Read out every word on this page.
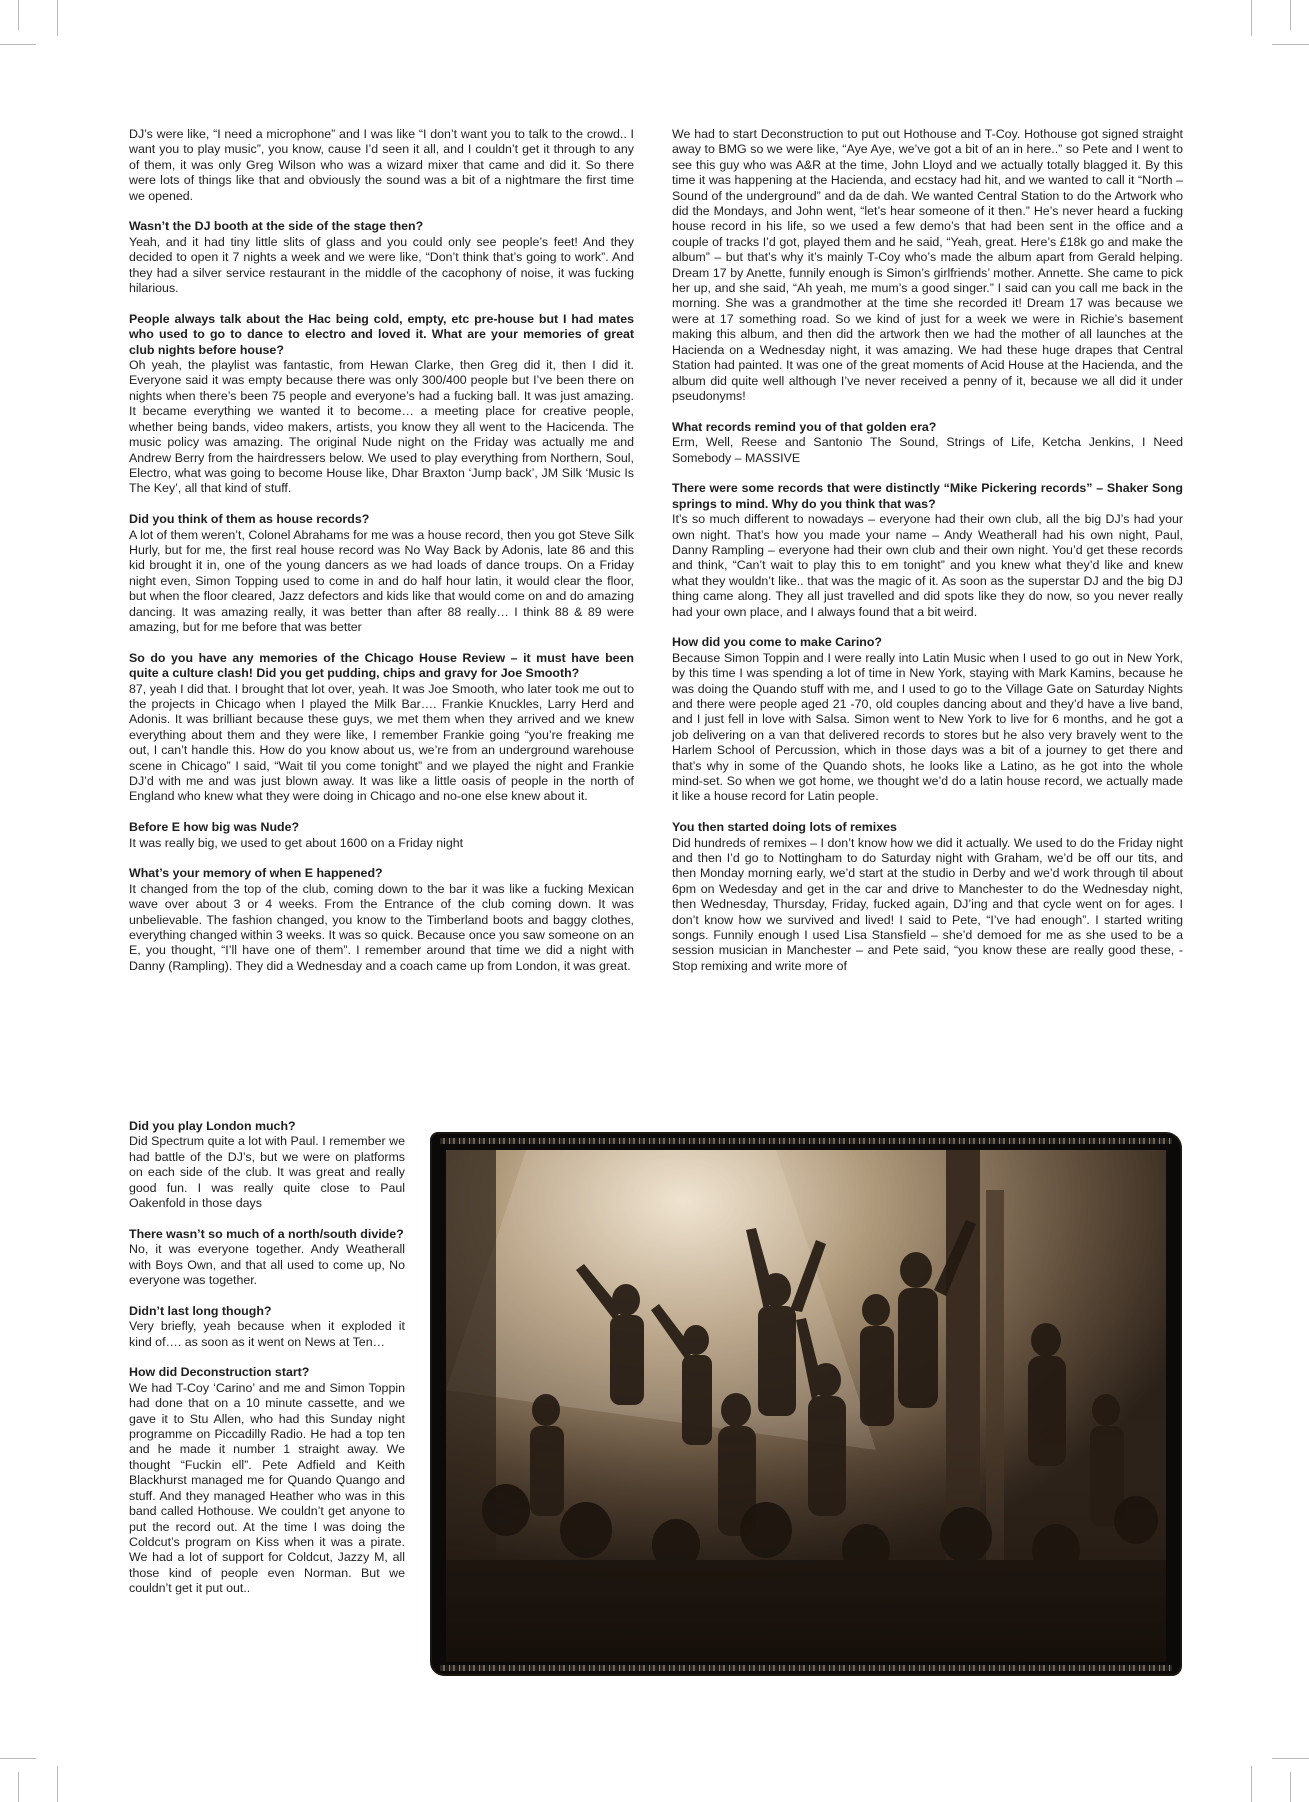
DJ’s were like, “I need a microphone” and I was like “I don’t want you to talk to the crowd.. I want you to play music”, you know, cause I’d seen it all, and I couldn’t get it through to any of them, it was only Greg Wilson who was a wizard mixer that came and did it. So there were lots of things like that and obviously the sound was a bit of a nightmare the first time we opened.

Wasn’t the DJ booth at the side of the stage then?

Yeah, and it had tiny little slits of glass and you could only see people’s feet! And they decided to open it 7 nights a week and we were like, “Don’t think that’s going to work”. And they had a silver service restaurant in the middle of the cacophony of noise, it was fucking hilarious.

People always talk about the Hac being cold, empty, etc pre-house but I had mates who used to go to dance to electro and loved it. What are your memories of great club nights before house?

Oh yeah, the playlist was fantastic, from Hewan Clarke, then Greg did it, then I did it. Everyone said it was empty because there was only 300/400 people but I’ve been there on nights when there’s been 75 people and everyone’s had a fucking ball. It was just amazing. It became everything we wanted it to become… a meeting place for creative people, whether being bands, video makers, artists, you know they all went to the Hacicenda. The music policy was amazing. The original Nude night on the Friday was actually me and Andrew Berry from the hairdressers below. We used to play everything from Northern, Soul, Electro, what was going to become House like, Dhar Braxton ‘Jump back’, JM Silk ‘Music Is The Key’, all that kind of stuff.

Did you think of them as house records?

A lot of them weren’t, Colonel Abrahams for me was a house record, then you got Steve Silk Hurly, but for me, the first real house record was No Way Back by Adonis, late 86 and this kid brought it in, one of the young dancers as we had loads of dance troups. On a Friday night even, Simon Topping used to come in and do half hour latin, it would clear the floor, but when the floor cleared, Jazz defectors and kids like that would come on and do amazing dancing. It was amazing really, it was better than after 88 really… I think 88 & 89 were amazing, but for me before that was better

So do you have any memories of the Chicago House Review – it must have been quite a culture clash! Did you get pudding, chips and gravy for Joe Smooth?

87, yeah I did that. I brought that lot over, yeah. It was Joe Smooth, who later took me out to the projects in Chicago when I played the Milk Bar…. Frankie Knuckles, Larry Herd and Adonis. It was brilliant because these guys, we met them when they arrived and we knew everything about them and they were like, I remember Frankie going “you’re freaking me out, I can’t handle this. How do you know about us, we’re from an underground warehouse scene in Chicago” I said, “Wait til you come tonight” and we played the night and Frankie DJ’d with me and was just blown away. It was like a little oasis of people in the north of England who knew what they were doing in Chicago and no-one else knew about it.

Before E how big was Nude?

It was really big, we used to get about 1600 on a Friday night

What’s your memory of when E happened?

It changed from the top of the club, coming down to the bar it was like a fucking Mexican wave over about 3 or 4 weeks. From the Entrance of the club coming down. It was unbelievable. The fashion changed, you know to the Timberland boots and baggy clothes, everything changed within 3 weeks. It was so quick. Because once you saw someone on an E, you thought, “I’ll have one of them”. I remember around that time we did a night with Danny (Rampling). They did a Wednesday and a coach came up from London, it was great.

We had to start Deconstruction to put out Hothouse and T-Coy. Hothouse got signed straight away to BMG so we were like, “Aye Aye, we’ve got a bit of an in here..” so Pete and I went to see this guy who was A&R at the time, John Lloyd and we actually totally blagged it. By this time it was happening at the Hacienda, and ecstacy had hit, and we wanted to call it “North – Sound of the underground” and da de dah. We wanted Central Station to do the Artwork who did the Mondays, and John went, “let’s hear someone of it then.” He’s never heard a fucking house record in his life, so we used a few demo’s that had been sent in the office and a couple of tracks I’d got, played them and he said, “Yeah, great. Here’s £18k go and make the album” – but that’s why it’s mainly T-Coy who’s made the album apart from Gerald helping. Dream 17 by Anette, funnily enough is Simon’s girlfriends’ mother. Annette. She came to pick her up, and she said, “Ah yeah, me mum’s a good singer.” I said can you call me back in the morning. She was a grandmother at the time she recorded it! Dream 17 was because we were at 17 something road. So we kind of just for a week we were in Richie’s basement making this album, and then did the artwork then we had the mother of all launches at the Hacienda on a Wednesday night, it was amazing. We had these huge drapes that Central Station had painted. It was one of the great moments of Acid House at the Hacienda, and the album did quite well although I’ve never received a penny of it, because we all did it under pseudonyms!

What records remind you of that golden era?

Erm, Well, Reese and Santonio The Sound, Strings of Life, Ketcha Jenkins, I Need Somebody – MASSIVE

There were some records that were distinctly “Mike Pickering records” – Shaker Song springs to mind. Why do you think that was?

It’s so much different to nowadays – everyone had their own club, all the big DJ’s had your own night. That’s how you made your name – Andy Weatherall had his own night, Paul, Danny Rampling – everyone had their own club and their own night. You’d get these records and think, “Can’t wait to play this to em tonight” and you knew what they’d like and knew what they wouldn’t like.. that was the magic of it. As soon as the superstar DJ and the big DJ thing came along. They all just travelled and did spots like they do now, so you never really had your own place, and I always found that a bit weird.

How did you come to make Carino?

Because Simon Toppin and I were really into Latin Music when I used to go out in New York, by this time I was spending a lot of time in New York, staying with Mark Kamins, because he was doing the Quando stuff with me, and I used to go to the Village Gate on Saturday Nights and there were people aged 21 -70, old couples dancing about and they’d have a live band, and I just fell in love with Salsa. Simon went to New York to live for 6 months, and he got a job delivering on a van that delivered records to stores but he also very bravely went to the Harlem School of Percussion, which in those days was a bit of a journey to get there and that’s why in some of the Quando shots, he looks like a Latino, as he got into the whole mind-set. So when we got home, we thought we’d do a latin house record, we actually made it like a house record for Latin people.

You then started doing lots of remixes

Did hundreds of remixes – I don’t know how we did it actually. We used to do the Friday night and then I’d go to Nottingham to do Saturday night with Graham, we’d be off our tits, and then Monday morning early, we’d start at the studio in Derby and we’d work through til about 6pm on Wedesday and get in the car and drive to Manchester to do the Wednesday night, then Wednesday, Thursday, Friday, fucked again, DJ’ing and that cycle went on for ages. I don’t know how we survived and lived! I said to Pete, “I’ve had enough”. I started writing songs. Funnily enough I used Lisa Stansfield – she’d demoed for me as she used to be a session musician in Manchester – and Pete said, “you know these are really good these, - Stop remixing and write more of

Did you play London much?

Did Spectrum quite a lot with Paul. I remember we had battle of the DJ’s, but we were on platforms on each side of the club. It was great and really good fun. I was really quite close to Paul Oakenfold in those days

There wasn’t so much of a north/south divide?

No, it was everyone together. Andy Weatherall with Boys Own, and that all used to come up, No everyone was together.

Didn’t last long though?

Very briefly, yeah because when it exploded it kind of…. as soon as it went on News at Ten…

How did Deconstruction start?

We had T-Coy ‘Carino’ and me and Simon Toppin had done that on a 10 minute cassette, and we gave it to Stu Allen, who had this Sunday night programme on Piccadilly Radio. He had a top ten and he made it number 1 straight away. We thought “Fuckin ell”. Pete Adfield and Keith Blackhurst managed me for Quando Quango and stuff. And they managed Heather who was in this band called Hothouse. We couldn’t get anyone to put the record out. At the time I was doing the Coldcut’s program on Kiss when it was a pirate. We had a lot of support for Coldcut, Jazzy M, all those kind of people even Norman. But we couldn’t get it put out..
